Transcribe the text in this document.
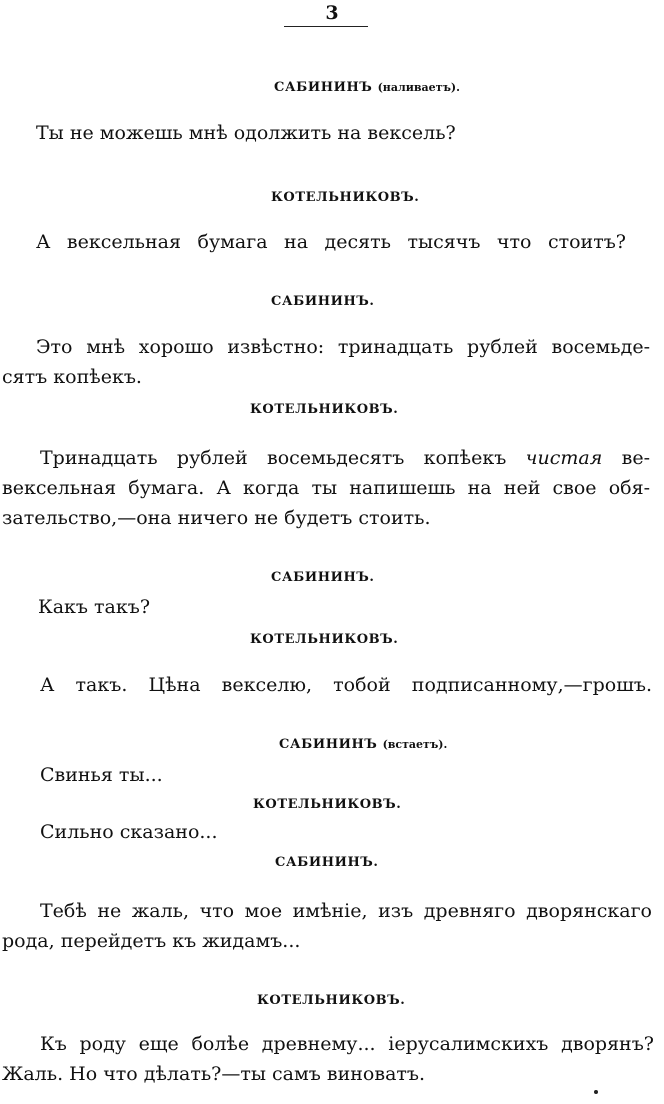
3

САБИНИНЪ (наливаетъ).

Ты не можешь мнѣ одолжить на вексель?

КОТЕЛЬНИКОВЪ.

А вексельная бумага на десять тысячъ что стоитъ?

САБИНИНЪ.

Это мнѣ хорошо извѣстно: тринадцать рублей восемьде-

сятъ копѣекъ.

КОТЕЛЬНИКОВЪ.

Тринадцать рублей восемьдесятъ копѣекъ чистая ве-

вексельная бумага. А когда ты напишешь на ней свое обя-

зательство,—она ничего не будетъ стоить.

САБИНИНЪ.

Какъ такъ?

КОТЕЛЬНИКОВЪ.

А такъ. Цѣна векселю, тобой подписанному,—грошъ.

САБИНИНЪ (встаетъ).

Свинья ты...

КОТЕЛЬНИКОВЪ.

Сильно сказано...

САБИНИНЪ.

Тебѣ не жаль, что мое имѣніе, изъ древняго дворянскаго

рода, перейдетъ къ жидамъ...

КОТЕЛЬНИКОВЪ.

Къ роду еще болѣе древнему... іерусалимскихъ дворянъ?

Жаль. Но что дѣлать?—ты самъ виноватъ.
